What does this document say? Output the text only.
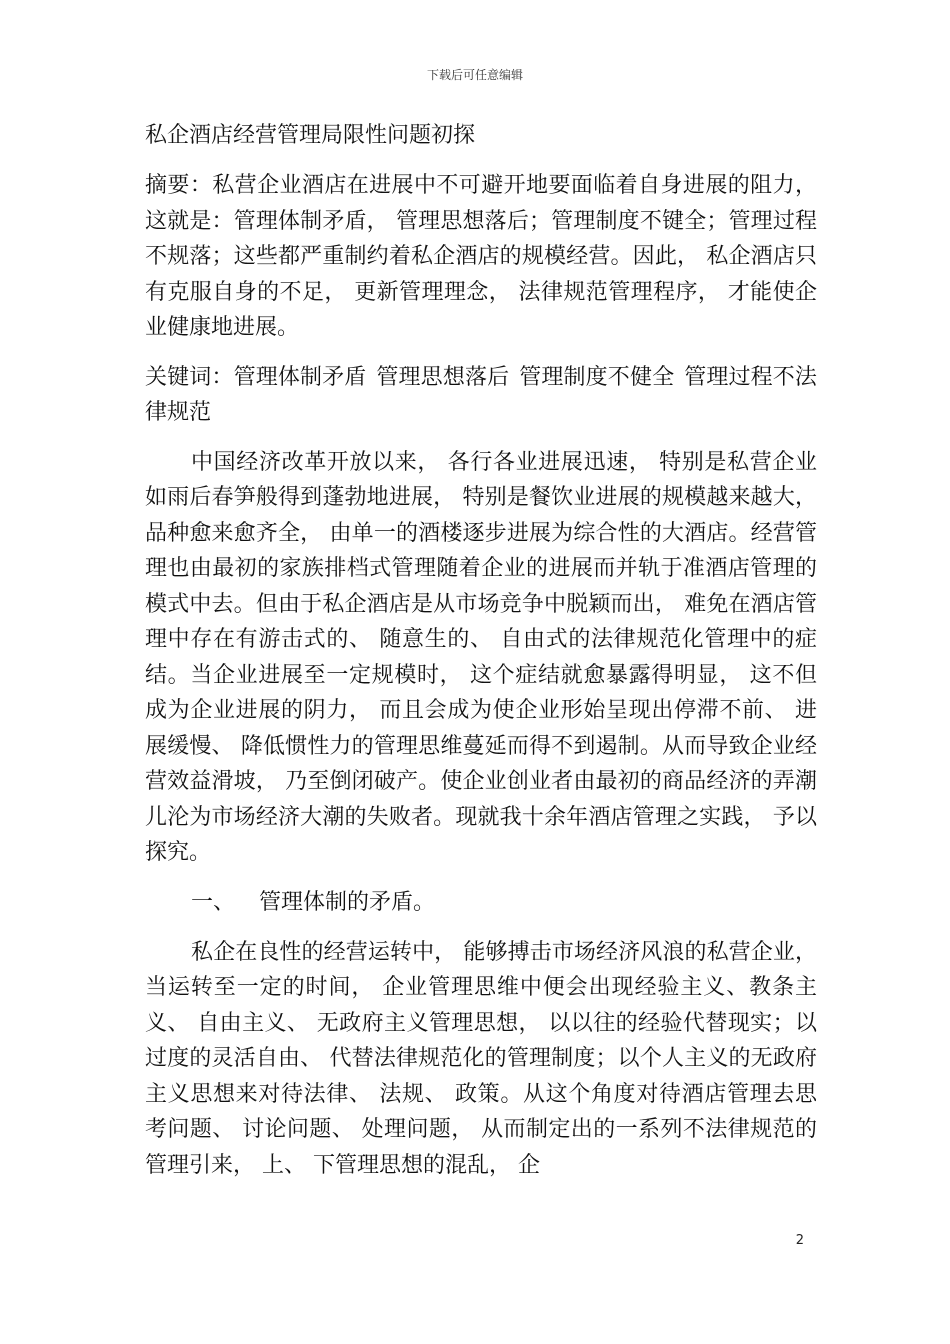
下载后可任意编辑
私企酒店经营管理局限性问题初探

摘要：私营企业酒店在进展中不可避开地要面临着自身进展的阻力， 这就是：管理体制矛盾， 管理思想落后；管理制度不键全；管理过程不规落；这些都严重制约着私企酒店的规模经营。因此， 私企酒店只有克服自身的不足， 更新管理理念， 法律规范管理程序， 才能使企业健康地进展。

关键词：管理体制矛盾 管理思想落后 管理制度不健全 管理过程不法律规范

中国经济改革开放以来， 各行各业进展迅速， 特别是私营企业如雨后春笋般得到蓬勃地进展， 特别是餐饮业进展的规模越来越大， 品种愈来愈齐全， 由单一的酒楼逐步进展为综合性的大酒店。经营管理也由最初的家族排档式管理随着企业的进展而并轨于准酒店管理的模式中去。但由于私企酒店是从市场竞争中脱颖而出， 难免在酒店管理中存在有游击式的、 随意生的、 自由式的法律规范化管理中的症结。当企业进展至一定规模时， 这个症结就愈暴露得明显， 这不但成为企业进展的阴力， 而且会成为使企业形始呈现出停滞不前、 进展缓慢、 降低惯性力的管理思维蔓延而得不到遏制。从而导致企业经营效益滑坡， 乃至倒闭破产。使企业创业者由最初的商品经济的弄潮儿沦为市场经济大潮的失败者。现就我十余年酒店管理之实践， 予以探究。

一、 管理体制的矛盾。

私企在良性的经营运转中， 能够搏击市场经济风浪的私营企业， 当运转至一定的时间， 企业管理思维中便会出现经验主义、教条主义、 自由主义、 无政府主义管理思想， 以以往的经验代替现实；以过度的灵活自由、 代替法律规范化的管理制度；以个人主义的无政府主义思想来对待法律、 法规、 政策。从这个角度对待酒店管理去思考问题、 讨论问题、 处理问题， 从而制定出的一系列不法律规范的管理引来， 上、 下管理思想的混乱， 企

2
